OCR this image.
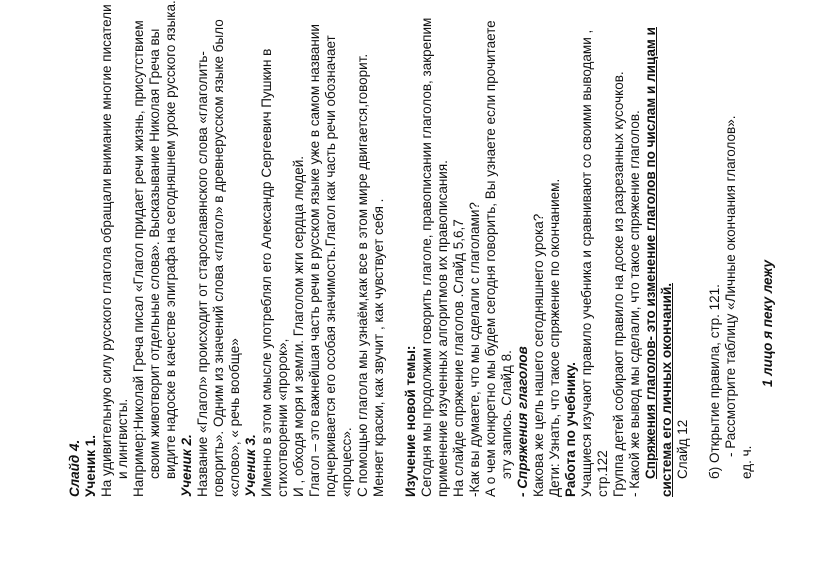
Слайд 4. Ученик 1. На удивительную силу русского глагола обращали внимание многие писатели и лингвисты. Например:Николай Греча писал «Глагол придает речи жизнь, присутствием своим животворит отдельные слова». Высказывание Николая Греча вы видите надоске в качестве эпиграфа на сегодняшнем уроке русского языка. Ученик 2. Название «Глагол» происходит от старославянского слова «глаголить- говорить». Одним из значений слова «глагол» в древнерусском языке было «слово», « речь вообще» Ученик 3. Именно в этом смысле употреблял его Александр Сергеевич Пушкин в стихотворении «пророк», И , обходя моря и земли. Глаголом жги сердца людей. Глагол – это важнейшая часть речи в русском языке уже в самом названии подчеркивается его особая значимость.Глагол как часть речи обозначает «процесс». С помощью глагола мы узнаём,как все в этом мире двигается,говорит. Меняет краски, как звучит , как чувствует себя . Изучение новой темы: Сегодня мы продолжим говорить глаголе, правописании глаголов, закрепим применение изученных алгоритмов их правописания. На слайде спряжение глаголов .Слайд 5,6,7 -Как вы думаете, что мы сделали с глаголами? А о чем конкретно мы будем сегодня говорить, Вы узнаете если прочитаете эту запись. Слайд 8. - Спряжения глаголов Какова же цель нашего сегодняшнего урока? Дети: Узнать, что такое спряжение по окончанием. Работа по учебнику. Учащиеся изучают правило учебника и сравнивают со своими выводами , стр.122 Группа детей собирают правило на доске из разрезанных кусочков. - Какой же вывод мы сделали, что такое спряжение глаголов. Спряжения глаголов- это изменение глаголов по числам и лицам и система его личных окончаний. Слайд 12 б) Открытие правила, стр. 121. - Рассмотрите таблицу «Личные окончания глаголов».
ед. ч.
1 лицо я пеку лежу
